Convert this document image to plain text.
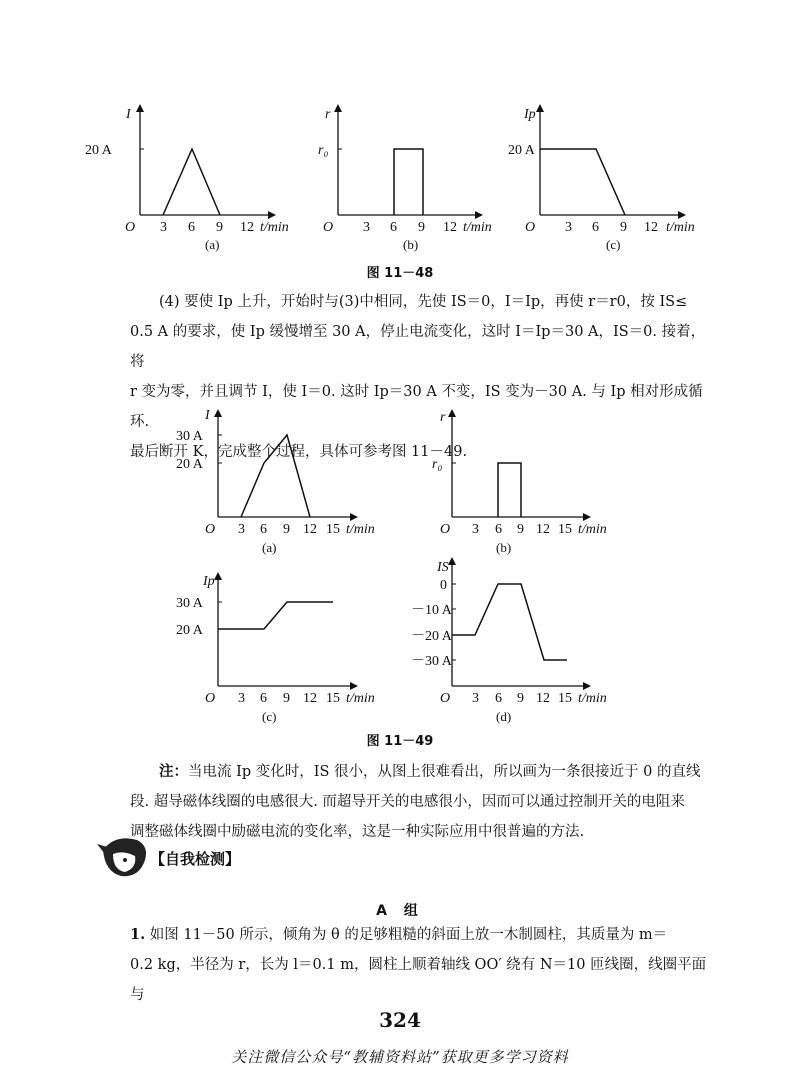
I
20 A
O 3 6 9 12 t/min
(a)
r
r₀
O 3 6 9 12 t/min
(b)
Ip
20 A
O 3 6 9 12 t/min
(c)
图 11－48

(4) 要使 Ip 上升，开始时与(3)中相同，先使 IS＝0，I＝Ip，再使 r＝r0，按 IS≤

0.5 A 的要求，使 Ip 缓慢增至 30 A，停止电流变化，这时 I＝Ip＝30 A，IS＝0. 接着，将

r 变为零，并且调节 I，使 I＝0. 这时 Ip＝30 A 不变，IS 变为－30 A. 与 Ip 相对形成循环.

最后断开 K，完成整个过程，具体可参考图 11－49.

I
30 A
20 A
O 3 6 9 12 15 t/min
(a)
r
r₀
O 3 6 9 12 15 t/min
(b)
Ip
30 A
20 A
O 3 6 9 12 15 t/min
(c)
IS
0
－10 A
－20 A
－30 A
O 3 6 9 12 15 t/min
(d)
图 11－49

注：当电流 Ip 变化时，IS 很小，从图上很难看出，所以画为一条很接近于 0 的直线

段. 超导磁体线圈的电感很大. 而超导开关的电感很小，因而可以通过控制开关的电阻来

调整磁体线圈中励磁电流的变化率，这是一种实际应用中很普遍的方法.

【自我检测】
A 组

1. 如图 11－50 所示，倾角为 θ 的足够粗糙的斜面上放一木制圆柱，其质量为 m＝

0.2 kg，半径为 r，长为 l＝0.1 m，圆柱上顺着轴线 OO′ 绕有 N＝10 匝线圈，线圈平面与

324
关注微信公众号“教辅资料站”获取更多学习资料
